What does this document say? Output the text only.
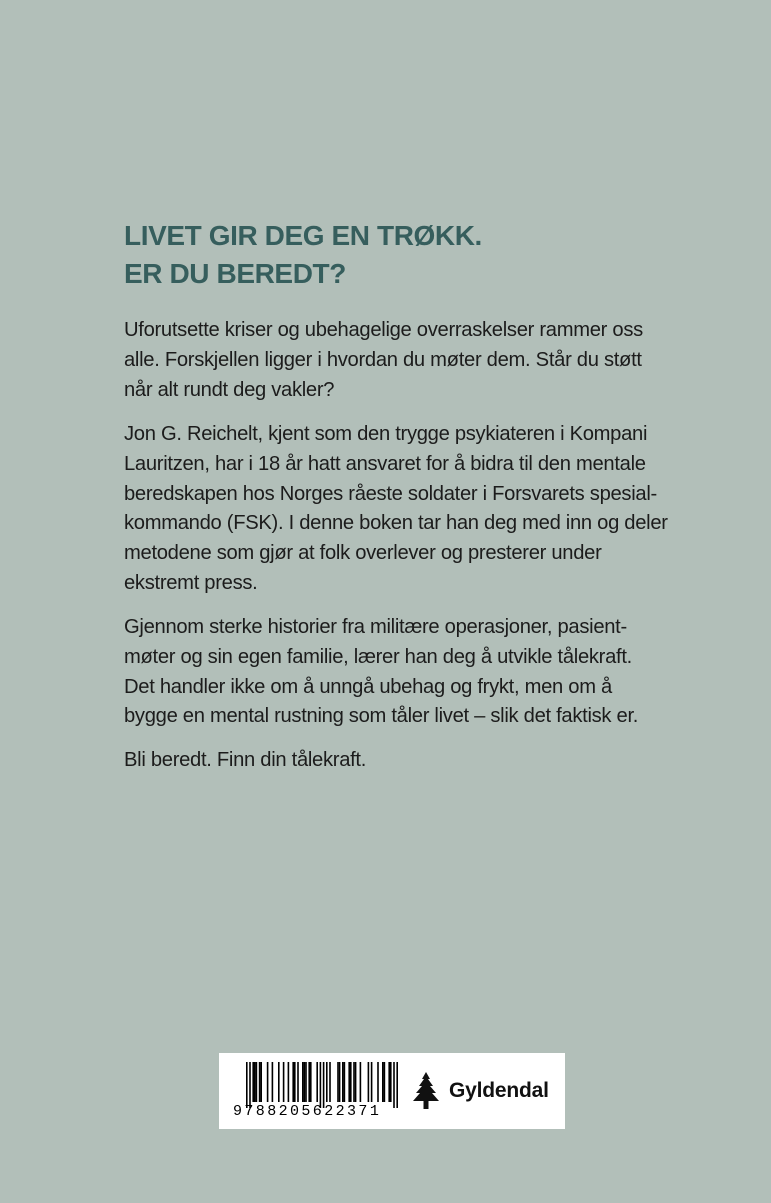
LIVET GIR DEG EN TRØKK.
ER DU BEREDT?

Uforutsette kriser og ubehagelige overraskelser rammer oss
alle. Forskjellen ligger i hvordan du møter dem. Står du støtt
når alt rundt deg vakler?

Jon G. Reichelt, kjent som den trygge psykiateren i Kompani
Lauritzen, har i 18 år hatt ansvaret for å bidra til den mentale
beredskapen hos Norges råeste soldater i Forsvarets spesial-
kommando (FSK). I denne boken tar han deg med inn og deler
metodene som gjør at folk overlever og presterer under
ekstremt press.

Gjennom sterke historier fra militære operasjoner, pasient-
møter og sin egen familie, lærer han deg å utvikle tålekraft.
Det handler ikke om å unngå ubehag og frykt, men om å
bygge en mental rustning som tåler livet – slik det faktisk er.

Bli beredt. Finn din tålekraft.

9788205622371
Gyldendal
